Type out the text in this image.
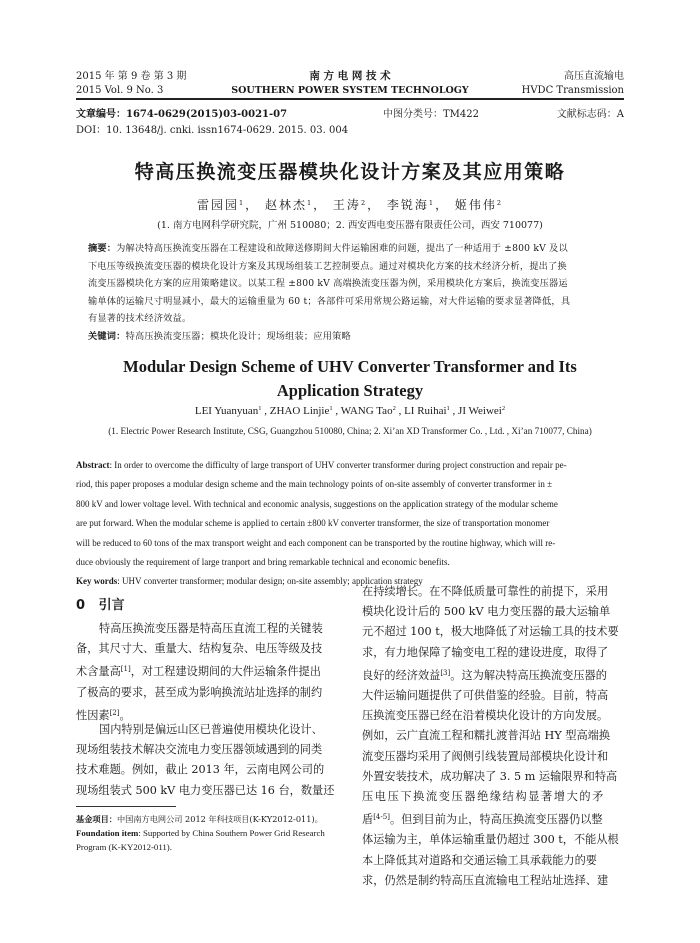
2015 年 第 9 卷 第 3 期
2015 Vol. 9 No. 3
南 方 电 网 技 术
SOUTHERN POWER SYSTEM TECHNOLOGY
高压直流输电
HVDC Transmission
文章编号：1674-0629(2015)03-0021-07	中图分类号：TM422	文献标志码：A
DOI：10. 13648/j. cnki. issn1674-0629. 2015. 03. 004
特高压换流变压器模块化设计方案及其应用策略
雷园园$^1$， 赵林杰$^1$， 王涛$^2$， 李锐海$^1$， 姬伟伟$^2$
(1. 南方电网科学研究院，广州 510080；2. 西安西电变压器有限责任公司，西安 710077)
摘要：为解决特高压换流变压器在工程建设和故障送修期间大件运输困难的问题，提出了一种适用于 ±800 kV 及以
下电压等级换流变压器的模块化设计方案及其现场组装工艺控制要点。通过对模块化方案的技术经济分析，提出了换
流变压器模块化方案的应用策略建议。以某工程 ±800 kV 高端换流变压器为例，采用模块化方案后，换流变压器运
输单体的运输尺寸明显减小，最大的运输重量为 60 t；各部件可采用常规公路运输，对大件运输的要求显著降低，具
有显著的技术经济效益。
关键词：特高压换流变压器；模块化设计；现场组装；应用策略
Modular Design Scheme of UHV Converter Transformer and Its
Application Strategy
LEI Yuanyuan$^1$ , ZHAO Linjie$^1$ , WANG Tao$^2$ , LI Ruihai$^1$ , JI Weiwei$^2$
(1. Electric Power Research Institute, CSG, Guangzhou 510080, China; 2. Xi’an XD Transformer Co. , Ltd. , Xi’an 710077, China)
Abstract: In order to overcome the difficulty of large transport of UHV converter transformer during project construction and repair pe-
riod, this paper proposes a modular design scheme and the main technology points of on-site assembly of converter transformer in ±
800 kV and lower voltage level. With technical and economic analysis, suggestions on the application strategy of the modular scheme
are put forward. When the modular scheme is applied to certain ±800 kV converter transformer, the size of transportation monomer
will be reduced to 60 tons of the max transport weight and each component can be transported by the routine highway, which will re-
duce obviously the requirement of large tranport and bring remarkable technical and economic benefits.
Key words: UHV converter transformer; modular design; on-site assembly; application strategy
0   引言
特高压换流变压器是特高压直流工程的关键装
备，其尺寸大、重量大、结构复杂、电压等级及技
术含量高[1]，对工程建设期间的大件运输条件提出
了极高的要求，甚至成为影响换流站址选择的制约
性因素[2]。
国内特别是偏远山区已普遍使用模块化设计、
现场组装技术解决交流电力变压器领域遇到的同类
技术难题。例如，截止 2013 年，云南电网公司的
现场组装式 500 kV 电力变压器已达 16 台，数量还
基金项目：中国南方电网公司 2012 年科技项目(K-KY2012-011)。
Foundation item: Supported by China Southern Power Grid Research
Program (K-KY2012-011).
在持续增长。在不降低质量可靠性的前提下，采用
模块化设计后的 500 kV 电力变压器的最大运输单
元不超过 100 t，极大地降低了对运输工具的技术要
求，有力地保障了输变电工程的建设进度，取得了
良好的经济效益[3]。这为解决特高压换流变压器的
大件运输问题提供了可供借鉴的经验。目前，特高
压换流变压器已经在沿着模块化设计的方向发展。
例如，云广直流工程和糯扎渡普洱站 HY 型高端换
流变压器均采用了阀侧引线装置局部模块化设计和
外置安装技术，成功解决了 3. 5 m 运输限界和特高
压电压下换流变压器绝缘结构显著增大的矛
盾[4-5]。但到目前为止，特高压换流变压器仍以整
体运输为主，单体运输重量仍超过 300 t，不能从根
本上降低其对道路和交通运输工具承载能力的要
求，仍然是制约特高压直流输电工程站址选择、建
